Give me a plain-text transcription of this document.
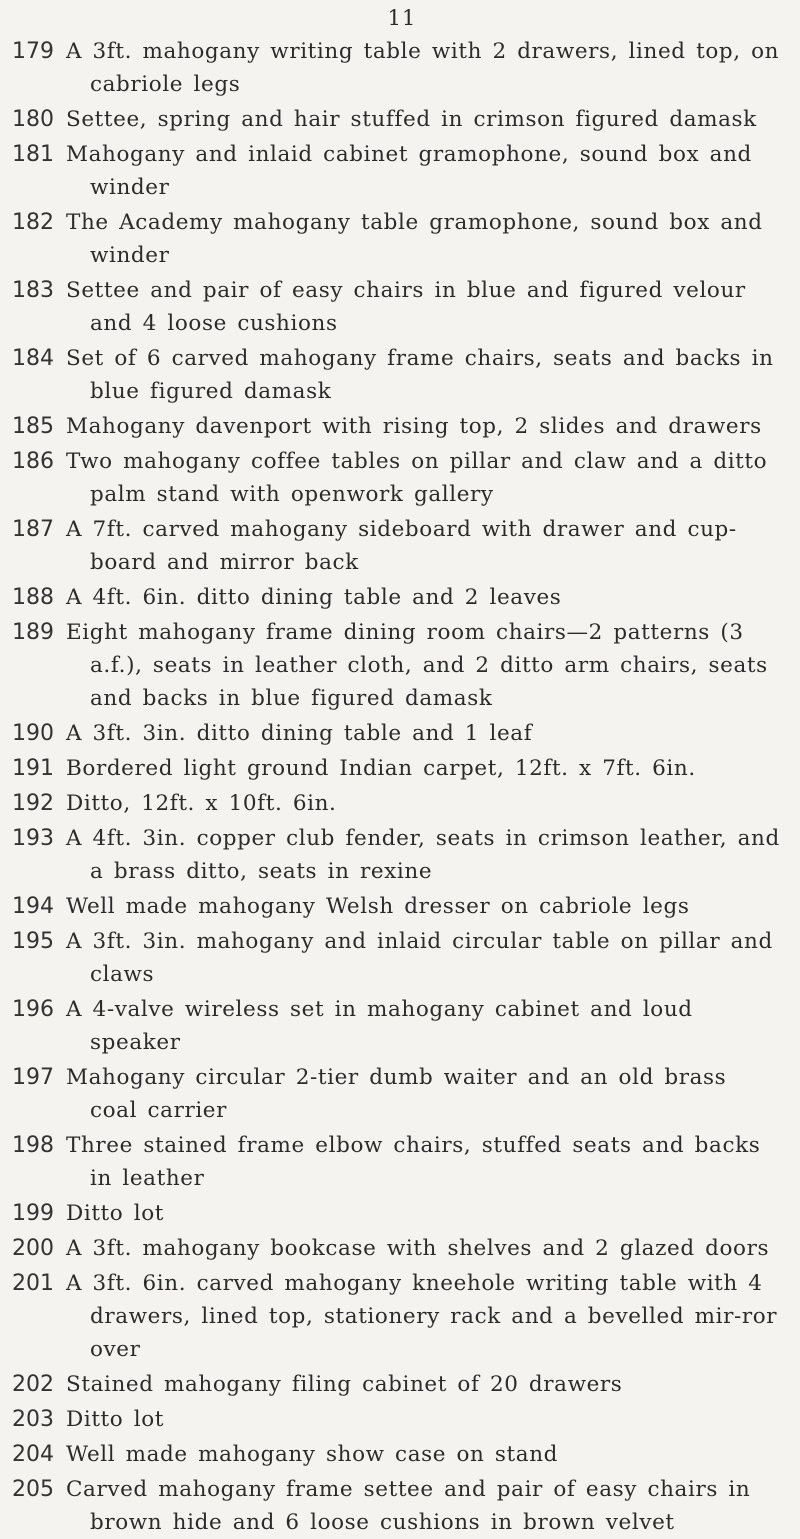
11
179 A 3ft. mahogany writing table with 2 drawers, lined top, on cabriole legs
180 Settee, spring and hair stuffed in crimson figured damask
181 Mahogany and inlaid cabinet gramophone, sound box and winder
182 The Academy mahogany table gramophone, sound box and winder
183 Settee and pair of easy chairs in blue and figured velour and 4 loose cushions
184 Set of 6 carved mahogany frame chairs, seats and backs in blue figured damask
185 Mahogany davenport with rising top, 2 slides and drawers
186 Two mahogany coffee tables on pillar and claw and a ditto palm stand with openwork gallery
187 A 7ft. carved mahogany sideboard with drawer and cup-board and mirror back
188 A 4ft. 6in. ditto dining table and 2 leaves
189 Eight mahogany frame dining room chairs—2 patterns (3 a.f.), seats in leather cloth, and 2 ditto arm chairs, seats and backs in blue figured damask
190 A 3ft. 3in. ditto dining table and 1 leaf
191 Bordered light ground Indian carpet, 12ft. x 7ft. 6in.
192 Ditto, 12ft. x 10ft. 6in.
193 A 4ft. 3in. copper club fender, seats in crimson leather, and a brass ditto, seats in rexine
194 Well made mahogany Welsh dresser on cabriole legs
195 A 3ft. 3in. mahogany and inlaid circular table on pillar and claws
196 A 4-valve wireless set in mahogany cabinet and loud speaker
197 Mahogany circular 2-tier dumb waiter and an old brass coal carrier
198 Three stained frame elbow chairs, stuffed seats and backs in leather
199 Ditto lot
200 A 3ft. mahogany bookcase with shelves and 2 glazed doors
201 A 3ft. 6in. carved mahogany kneehole writing table with 4 drawers, lined top, stationery rack and a bevelled mir-ror over
202 Stained mahogany filing cabinet of 20 drawers
203 Ditto lot
204 Well made mahogany show case on stand
205 Carved mahogany frame settee and pair of easy chairs in brown hide and 6 loose cushions in brown velvet
